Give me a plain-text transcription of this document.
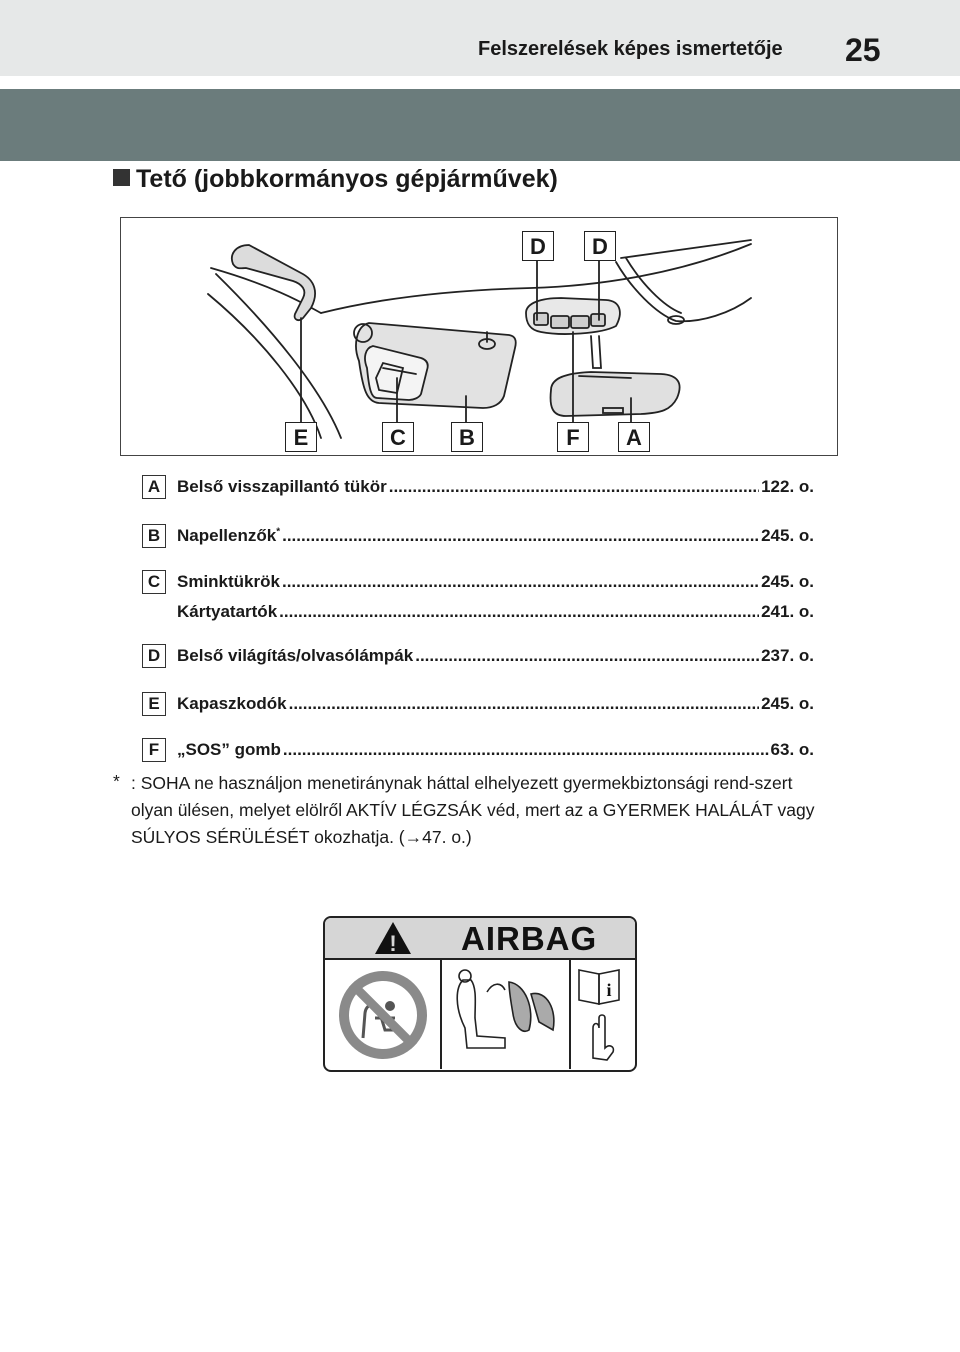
Felszerelések képes ismertetője 25
Tető (jobbkormányos gépjárművek)
D	D
E	C	B	F	A
A Belső visszapillantó tükör .....	122. o.
B Napellenzők* .....	245. o.
C Sminktükrök .....	245. o.
Kártyatartók .....	241. o.
D Belső világítás/olvasólámpák .....	237. o.
E	Kapaszkodók .....	245. o.
F	„SOS” gomb .....	63. o.
* : SOHA ne használjon menetiránynak háttal elhelyezett gyermekbiztonsági rend-szert olyan ülésen, melyet elölről AKTÍV LÉGZSÁK véd, mert az a GYERMEK HALÁLÁT vagy SÚLYOS SÉRÜLÉSÉT okozhatja. (→47. o.)
!
i
AIRBAG
